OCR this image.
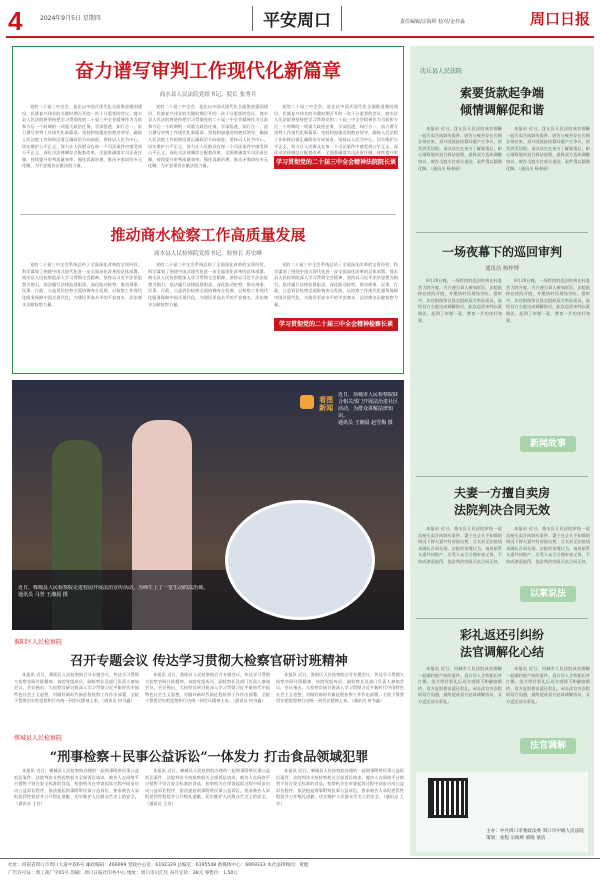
4	2024年9月5日 星期四	平安周口	责任编辑/宗海婷 校对/金祥淼	周口日报
奋力谱写审判工作现代化新篇章
商水县人民法院党组书记、院长 张秀兵

党的二十届三中全会，是在以中国式现代化全面推进强国建设、民族复兴伟业的关键时期召开的一次十分重要的会议。商水县人民法院将坚持把学习贯彻党的二十届三中全会精神作为当前和今后一个时期的一项重大政治任务，学深悟透、知行合一，奋力谱写审判工作现代化新篇章。坚持和加强党的绝对领导，确保人民法院工作始终沿着正确政治方向前进。坚持以人民为中心，切实维护公平正义，努力让人民群众在每一个司法案件中感受到公平正义。深化司法体制综合配套改革，全面准确落实司法责任制，持续提升审判质量效率。强化诉源治理，推动矛盾纠纷多元化解，为平安建设贡献法院力量。

党的二十届三中全会，是在以中国式现代化全面推进强国建设、民族复兴伟业的关键时期召开的一次十分重要的会议。商水县人民法院将坚持把学习贯彻党的二十届三中全会精神作为当前和今后一个时期的一项重大政治任务，学深悟透、知行合一，奋力谱写审判工作现代化新篇章。坚持和加强党的绝对领导，确保人民法院工作始终沿着正确政治方向前进。坚持以人民为中心，切实维护公平正义，努力让人民群众在每一个司法案件中感受到公平正义。深化司法体制综合配套改革，全面准确落实司法责任制，持续提升审判质量效率。强化诉源治理，推动矛盾纠纷多元化解，为平安建设贡献法院力量。

党的二十届三中全会，是在以中国式现代化全面推进强国建设、民族复兴伟业的关键时期召开的一次十分重要的会议。商水县人民法院将坚持把学习贯彻党的二十届三中全会精神作为当前和今后一个时期的一项重大政治任务，学深悟透、知行合一，奋力谱写审判工作现代化新篇章。坚持和加强党的绝对领导，确保人民法院工作始终沿着正确政治方向前进。坚持以人民为中心，切实维护公平正义，努力让人民群众在每一个司法案件中感受到公平正义。深化司法体制综合配套改革，全面准确落实司法责任制，持续提升审

学习贯彻党的二十届三中全会精神法院院长谈
推动商水检察工作高质量发展
商水县人民检察院党组书记、检察长 苏宏峰

党的二十届三中全会系统总结了全面深化改革的宝贵经验，科学谋划了围绕中国式现代化进一步全面深化改革的总体部署。商水县人民检察院深入学习贯彻全会精神，坚持以习近平法治思想为指引，依法履行法律监督职责，深化能动检察，推动刑事、民事、行政、公益诉讼检察全面协调充分发展，以检察工作现代化服务保障中国式现代化，为建设更高水平的平安商水、法治商水贡献检察力量。

党的二十届三中全会系统总结了全面深化改革的宝贵经验，科学谋划了围绕中国式现代化进一步全面深化改革的总体部署。商水县人民检察院深入学习贯彻全会精神，坚持以习近平法治思想为指引，依法履行法律监督职责，深化能动检察，推动刑事、民事、行政、公益诉讼检察全面协调充分发展，以检察工作现代化服务保障中国式现代化，为建设更高水平的平安商水、法治商水贡献检察力量。

党的二十届三中全会系统总结了全面深化改革的宝贵经验，科学谋划了围绕中国式现代化进一步全面深化改革的总体部署。商水县人民检察院深入学习贯彻全会精神，坚持以习近平法治思想为指引，依法履行法律监督职责，深化能动检察，推动刑事、民事、行政、公益诉讼检察全面协调充分发展，以检察工作现代化服务保障中国式现代化，为建设更高水平的平安商水、法治商水贡献检察力量。

学习贯彻党的二十届三中全会精神检察长谈
看图
新闻
近日，项城市人民检察院联合相关部门开展法治进社区活动，为群众讲解法律知识。
通讯员 王湘晨 赵雪梅 摄
近日，郸城县人民检察院走进校园开展法治宣传活动，为师生上了一堂生动的法治课。
通讯员 马誉 王湘晨 摄
淮阳区人民检察院
召开专题会议 传达学习贯彻大检察官研讨班精神

本报讯 近日，淮阳区人民检察院召开专题会议，传达学习贯彻大检察官研讨班精神，该院党组成员、副检察长及部门负责人参加会议。会议指出，大检察官研讨班深入学习贯彻习近平新时代中国特色社会主义思想，对做好新时代新征程检察工作作出部署，全院干警要切实把思想和行动统一到会议精神上来。（通讯员 何书鑫）

本报讯 近日，淮阳区人民检察院召开专题会议，传达学习贯彻大检察官研讨班精神，该院党组成员、副检察长及部门负责人参加会议。会议指出，大检察官研讨班深入学习贯彻习近平新时代中国特色社会主义思想，对做好新时代新征程检察工作作出部署，全院干警要切实把思想和行动统一到会议精神上来。（通讯员 何书鑫）

本报讯 近日，淮阳区人民检察院召开专题会议，传达学习贯彻大检察官研讨班精神，该院党组成员、副检察长及部门负责人参加会议。会议指出，大检察官研讨班深入学习贯彻习近平新时代中国特色社会主义思想，对做好新时代新征程检察工作作出部署，全院干警要切实把思想和行动统一到会议精神上来。（通讯员 何书鑫）

郸城县人民检察院
“刑事检察＋民事公益诉讼”一体发力 打击食品领域犯罪

本报讯 近日，郸城县人民检察院办理的一起刑事附带民事公益诉讼案件，法院判决支持检察机关全部诉讼请求。被告人在网络平台销售不符合安全标准的食品，检察机关在审查起诉过程中同步启动公益诉讼程序，依法提起刑事附带民事公益诉讼，要求被告人承担惩罚性赔偿并公开赔礼道歉，切实维护人民群众舌尖上的安全。（通讯员 王芳）

本报讯 近日，郸城县人民检察院办理的一起刑事附带民事公益诉讼案件，法院判决支持检察机关全部诉讼请求。被告人在网络平台销售不符合安全标准的食品，检察机关在审查起诉过程中同步启动公益诉讼程序，依法提起刑事附带民事公益诉讼，要求被告人承担惩罚性赔偿并公开赔礼道歉，切实维护人民群众舌尖上的安全。（通讯员 王芳）

本报讯 近日，郸城县人民检察院办理的一起刑事附带民事公益诉讼案件，法院判决支持检察机关全部诉讼请求。被告人在网络平台销售不符合安全标准的食品，检察机关在审查起诉过程中同步启动公益诉讼程序，依法提起刑事附带民事公益诉讼，要求被告人承担惩罚性赔偿并公开赔礼道歉，切实维护人民群众舌尖上的安全。（通讯员 王芳）

沈丘县人民法院
索要货款起争端
倾情调解促和谐

本报讯 近日，沈丘县人民法院成功调解一起买卖合同纠纷案件。原告与被告存在长期业务往来，双方因货款结算问题产生争议，原告诉至法院。承办法官在充分了解案情后，耐心细致地对双方释法说理，最终双方达成调解协议，被告当庭支付部分货款，案件得以圆满化解。（通讯员 杨春丽）

本报讯 近日，沈丘县人民法院成功调解一起买卖合同纠纷案件。原告与被告存在长期业务往来，双方因货款结算问题产生争议，原告诉至法院。承办法官在充分了解案情后，耐心细致地对双方释法说理，最终双方达成调解协议，被告当庭支付部分货款，案件得以圆满化解。（通讯员 杨春丽）

一场夜幕下的巡回审判
通讯员 杨梓博

8月29日晚，一场特别的巡回审判在村委会大院开庭。为方便当事人参加诉讼，法院选择在夜间开庭，并邀请村民现场旁听。庭审中，法官围绕争议焦点组织双方举证质证，最终双方当庭达成调解协议。此次巡回审判以案释法，起到了审理一案、教育一片的良好效果。

8月29日晚，一场特别的巡回审判在村委会大院开庭。为方便当事人参加诉讼，法院选择在夜间开庭，并邀请村民现场旁听。庭审中，法官围绕争议焦点组织双方举证质证，最终双方当庭达成调解协议。此次巡回审判以案释法，起到了审理一案、教育一片的良好效果。

新闻故事
夫妻一方擅自卖房
法院判决合同无效

本报讯 近日，商水县人民法院审结一起房屋买卖合同纠纷案件。妻子在丈夫不知情的情况下将夫妻共有房屋出售，丈夫诉至法院请求确认合同无效。法院经审理认为，该房屋系夫妻共同财产，买受人未尽合理审查义务，不构成善意取得，依法判决房屋买卖合同无效。

本报讯 近日，商水县人民法院审结一起房屋买卖合同纠纷案件。妻子在丈夫不知情的情况下将夫妻共有房屋出售，丈夫诉至法院请求确认合同无效。法院经审理认为，该房屋系夫妻共同财产，买受人未尽合理审查义务，不构成善意取得，依法判决房屋买卖合同无效。

以案说法
彩礼返还引纠纷
法官调解化心结

本报讯 近日，项城市人民法院成功调解一起婚约财产纠纷案件。双方经人介绍相识并订婚，男方给付彩礼后双方感情不和解除婚约，男方起诉要求返还彩礼。承办法官多次组织双方沟通，最终促成双方达成调解协议，女方返还部分彩礼。

本报讯 近日，项城市人民法院成功调解一起婚约财产纠纷案件。双方经人介绍相识并订婚，男方给付彩礼后双方感情不和解除婚约，男方起诉要求返还彩礼。承办法官多次组织双方沟通，最终促成双方达成调解协议，女方返还部分彩礼。

法官调解
主办：中共周口市委政法委 周口市中级人民法院
策划：张程 宗海婷 邢晓 梁洁
社址：河南省周口市周口大道中段6号 邮政编码：466099 党政办公室：6192329 总编室：6195548 新媒体中心：6069333 本社法律顾问：黄健
广告许可证：周工商广字01号 印刷：周口日报社印务中心 地址：周口市川汇区 每月定价：38元 零售价：1.50元
